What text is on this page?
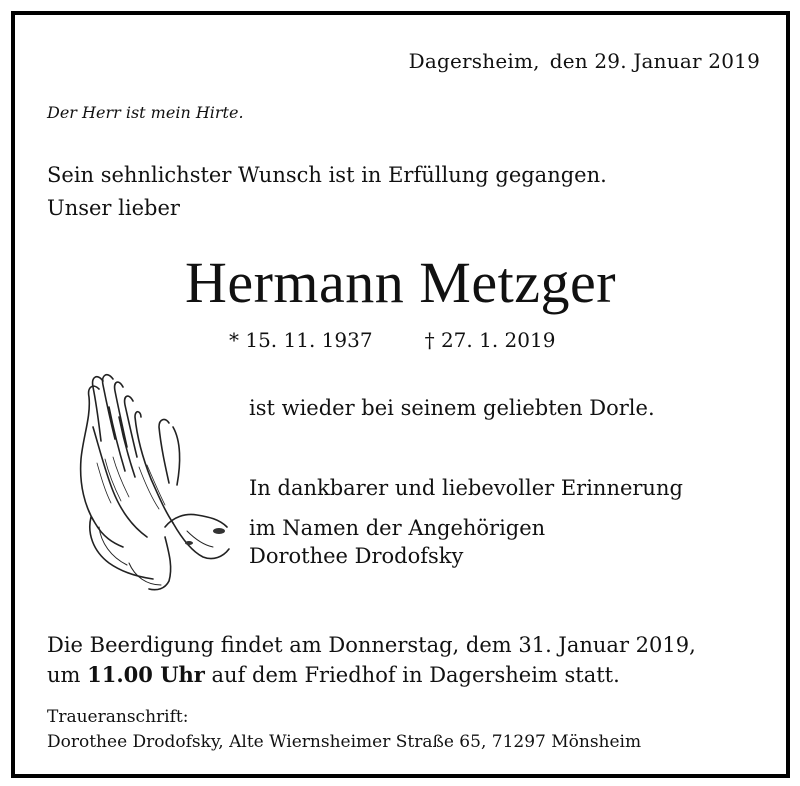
Dagersheim, den 29. Januar 2019
Der Herr ist mein Hirte.
Sein sehnlichster Wunsch ist in Erfüllung gegangen.
Unser lieber
Hermann Metzger
* 15. 11. 1937	† 27. 1. 2019
ist wieder bei seinem geliebten Dorle.
In dankbarer und liebevoller Erinnerung
im Namen der Angehörigen
Dorothee Drodofsky
Die Beerdigung findet am Donnerstag, dem 31. Januar 2019,
um 11.00 Uhr auf dem Friedhof in Dagersheim statt.
Traueranschrift:
Dorothee Drodofsky, Alte Wiernsheimer Straße 65, 71297 Mönsheim
